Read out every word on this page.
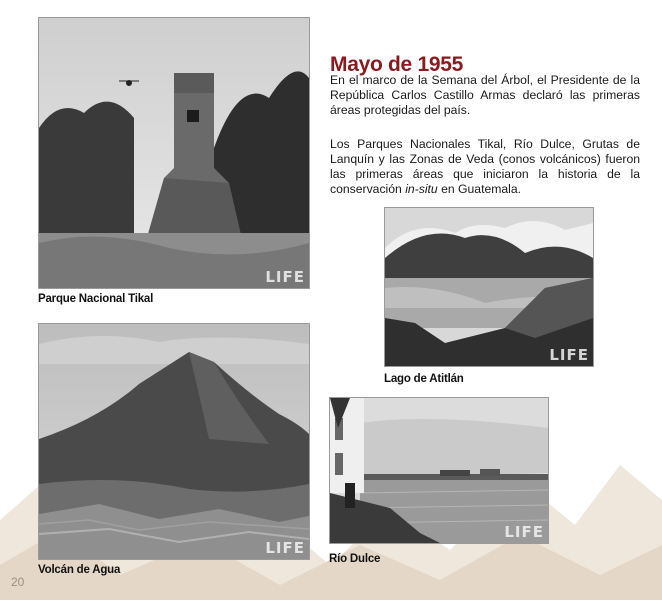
LIFE
Parque Nacional Tikal
Mayo de 1955

En el marco de la Semana del Árbol, el Presidente de la República Carlos Castillo Armas declaró las primeras áreas protegidas del país.

Los Parques Nacionales Tikal, Río Dulce, Grutas de Lanquín y las Zonas de Veda (conos volcánicos) fueron las primeras áreas que iniciaron la historia de la conservación in-situ en Guatemala.

LIFE
Lago de Atitlán
LIFE
Volcán de Agua
LIFE
Río Dulce
20
